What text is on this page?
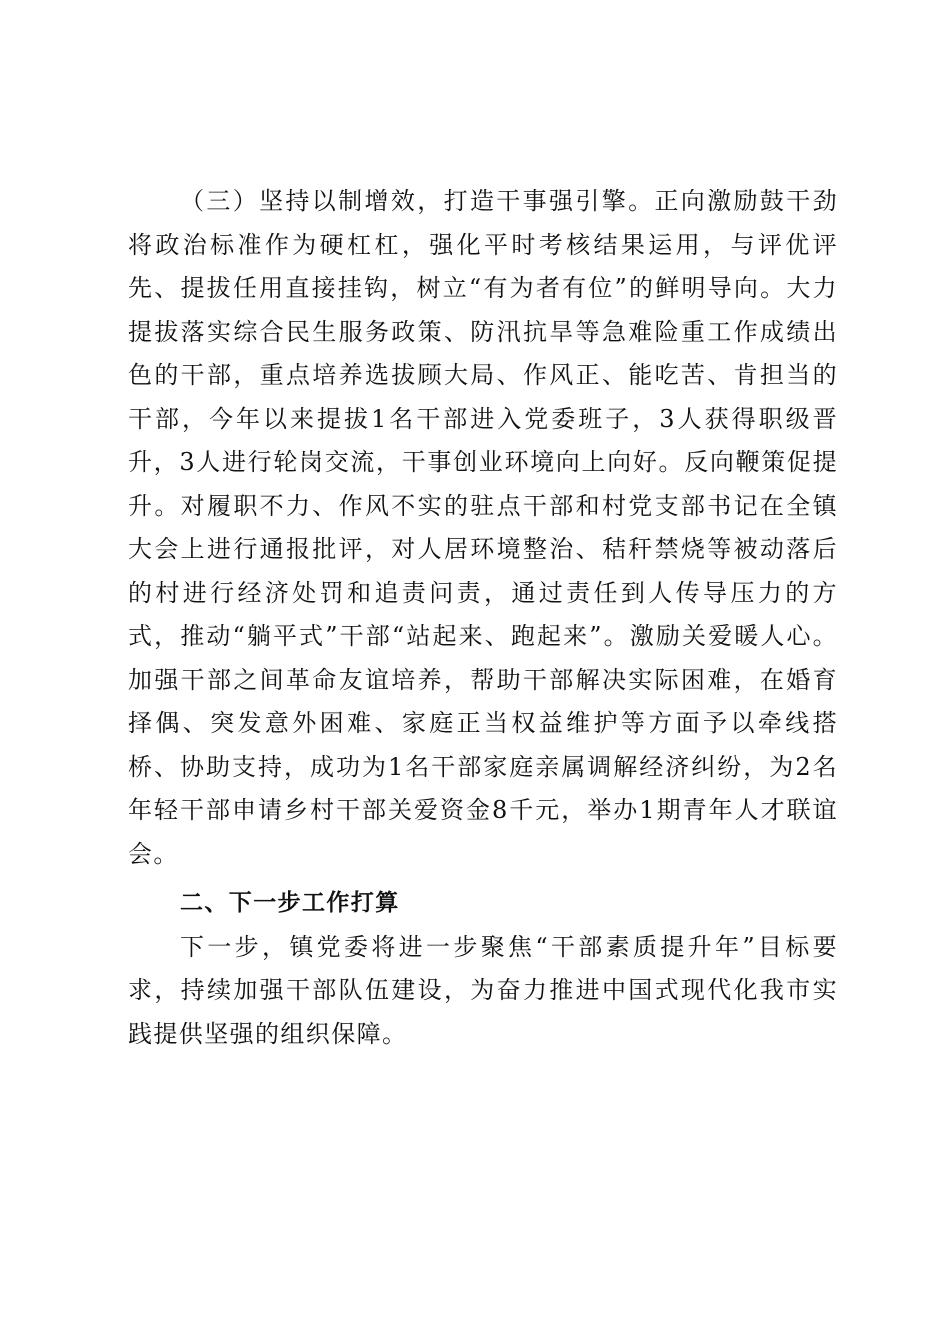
（三）坚持以制增效，打造干事强引擎。正向激励鼓干劲将政治标准作为硬杠杠，强化平时考核结果运用，与评优评先、提拔任用直接挂钩，树立“有为者有位”的鲜明导向。大力提拔落实综合民生服务政策、防汛抗旱等急难险重工作成绩出色的干部，重点培养选拔顾大局、作风正、能吃苦、肯担当的干部，今年以来提拔1名干部进入党委班子，3人获得职级晋升，3人进行轮岗交流，干事创业环境向上向好。反向鞭策促提升。对履职不力、作风不实的驻点干部和村党支部书记在全镇大会上进行通报批评，对人居环境整治、秸秆禁烧等被动落后的村进行经济处罚和追责问责，通过责任到人传导压力的方式，推动“躺平式”干部“站起来、跑起来”。激励关爱暖人心。加强干部之间革命友谊培养，帮助干部解决实际困难，在婚育择偶、突发意外困难、家庭正当权益维护等方面予以牵线搭桥、协助支持，成功为1名干部家庭亲属调解经济纠纷，为2名年轻干部申请乡村干部关爱资金8千元，举办1期青年人才联谊会。

二、下一步工作打算

下一步，镇党委将进一步聚焦“干部素质提升年”目标要求，持续加强干部队伍建设，为奋力推进中国式现代化我市实践提供坚强的组织保障。
